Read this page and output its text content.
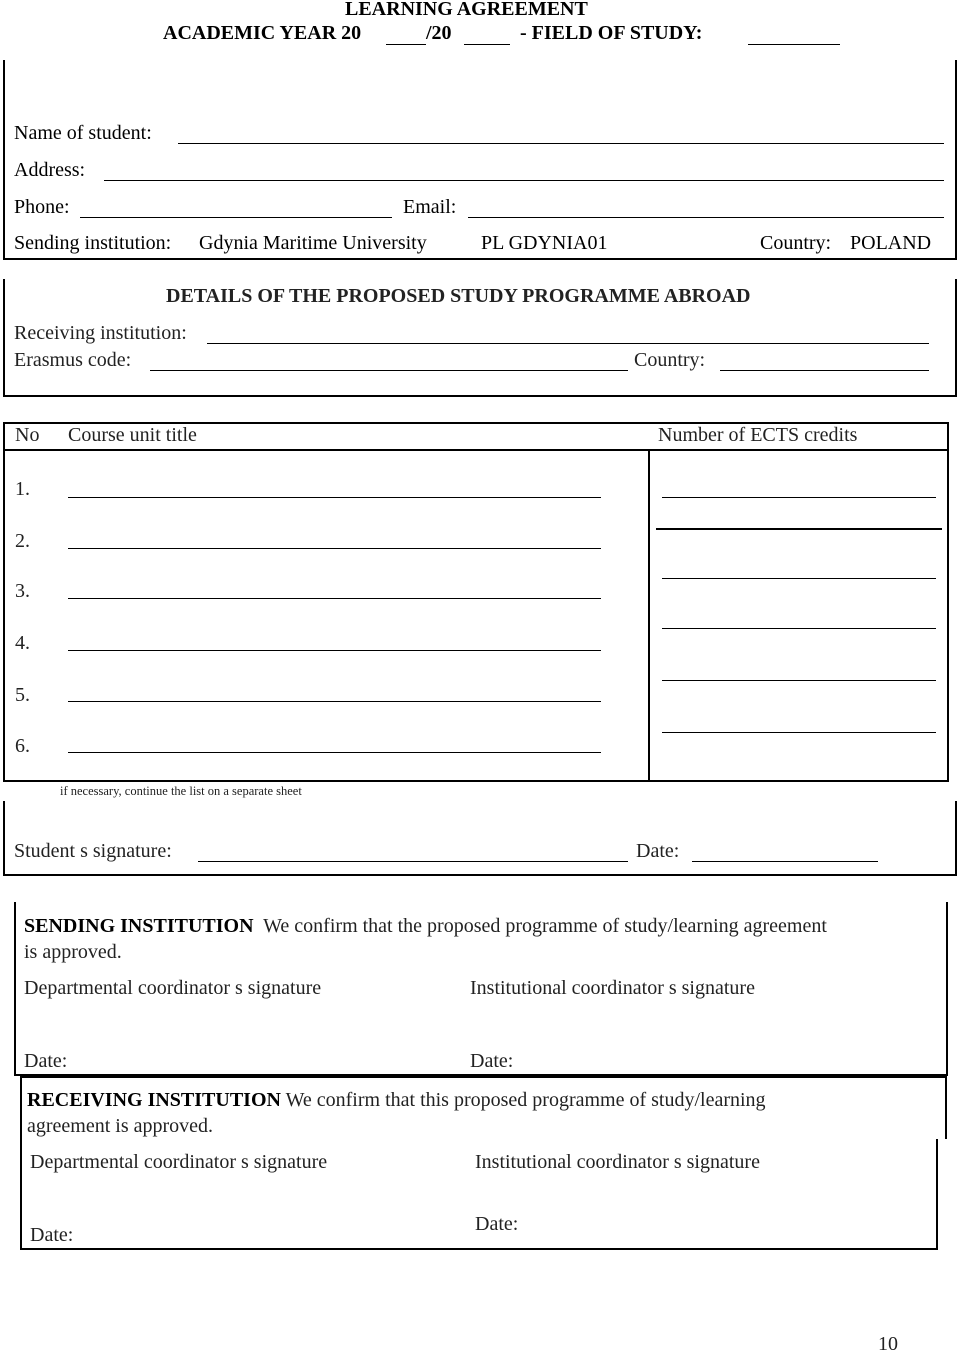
LEARNING AGREEMENT
ACADEMIC YEAR 20	/20	- FIELD OF STUDY:
Name of student:
Address:
Phone:	Email:
Sending institution: Gdynia Maritime University	PL GDYNIA01	Country: POLAND
DETAILS OF THE PROPOSED STUDY PROGRAMME ABROAD
Receiving institution:
Erasmus code:	Country:
No Course unit title	Number of ECTS credits
1.
2.
3.
4.
5.
6.
if necessary, continue the list on a separate sheet
Student s signature:	Date:
SENDING INSTITUTION We confirm that the proposed programme of study/learning agreement
is approved.
Departmental coordinator s signature	Institutional coordinator s signature
Date:	Date:
RECEIVING INSTITUTION We confirm that this proposed programme of study/learning
agreement is approved.
Departmental coordinator s signature	Institutional coordinator s signature
Date:	Date:
10
